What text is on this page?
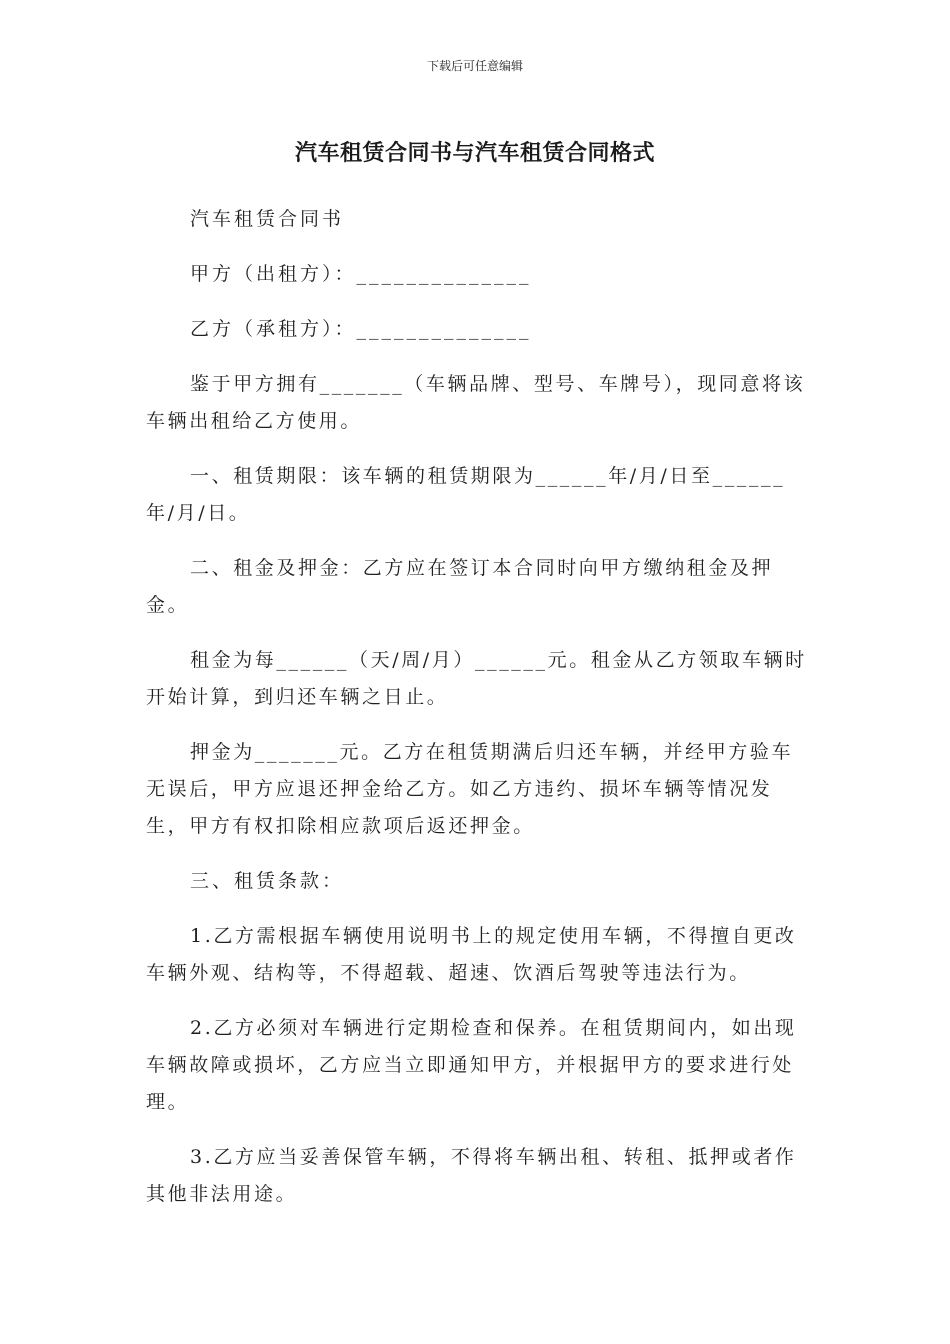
下载后可任意编辑
汽车租赁合同书与汽车租赁合同格式

汽车租赁合同书

甲方（出租方）：______________

乙方（承租方）：______________

鉴于甲方拥有_______（车辆品牌、型号、车牌号），现同意将该车辆出租给乙方使用。

一、租赁期限：该车辆的租赁期限为______年/月/日至______年/月/日。

二、租金及押金：乙方应在签订本合同时向甲方缴纳租金及押金。

租金为每______（天/周/月）______元。租金从乙方领取车辆时开始计算，到归还车辆之日止。

押金为_______元。乙方在租赁期满后归还车辆，并经甲方验车无误后，甲方应退还押金给乙方。如乙方违约、损坏车辆等情况发生，甲方有权扣除相应款项后返还押金。

三、租赁条款：

1.乙方需根据车辆使用说明书上的规定使用车辆，不得擅自更改车辆外观、结构等，不得超载、超速、饮酒后驾驶等违法行为。

2.乙方必须对车辆进行定期检查和保养。在租赁期间内，如出现车辆故障或损坏，乙方应当立即通知甲方，并根据甲方的要求进行处理。

3.乙方应当妥善保管车辆，不得将车辆出租、转租、抵押或者作其他非法用途。
